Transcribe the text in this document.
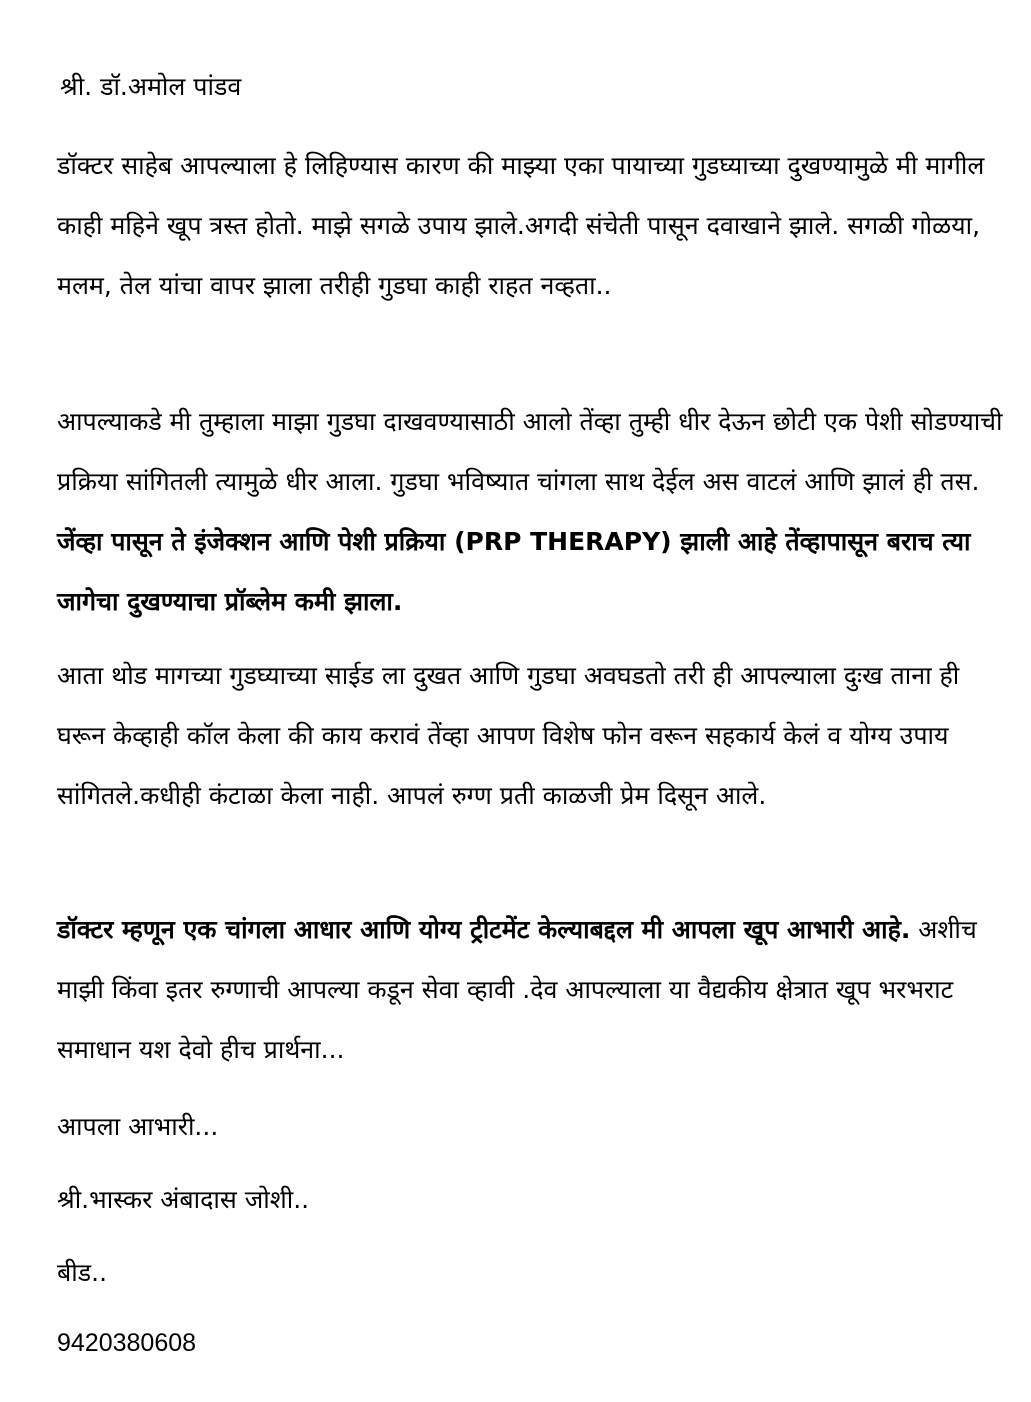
श्री. डॉ.अमोल पांडव

डॉक्टर साहेब आपल्याला हे लिहिण्यास कारण की माझ्या एका पायाच्या गुडघ्याच्या दुखण्यामुळे मी मागील काही महिने खूप त्रस्त होतो. माझे सगळे उपाय झाले.अगदी संचेती पासून दवाखाने झाले. सगळी गोळया, मलम, तेल यांचा वापर झाला तरीही गुडघा काही राहत नव्हता..

आपल्याकडे मी तुम्हाला माझा गुडघा दाखवण्यासाठी आलो तेंव्हा तुम्ही धीर देऊन छोटी एक पेशी सोडण्याची प्रक्रिया सांगितली त्यामुळे धीर आला. गुडघा भविष्यात चांगला साथ देईल अस वाटलं आणि झालं ही तस. जेंव्हा पासून ते इंजेक्शन आणि पेशी प्रक्रिया (PRP THERAPY) झाली आहे तेंव्हापासून बराच त्या जागेचा दुखण्याचा प्रॉब्लेम कमी झाला.

आता थोड मागच्या गुडघ्याच्या साईड ला दुखत आणि गुडघा अवघडतो तरी ही आपल्याला दुःख ताना ही घरून केव्हाही कॉल केला की काय करावं तेंव्हा आपण विशेष फोन वरून सहकार्य केलं व योग्य उपाय सांगितले.कधीही कंटाळा केला नाही. आपलं रुग्ण प्रती काळजी प्रेम दिसून आले.

डॉक्टर म्हणून एक चांगला आधार आणि योग्य ट्रीटमेंट केल्याबद्दल मी आपला खूप आभारी आहे. अशीच माझी किंवा इतर रुग्णाची आपल्या कडून सेवा व्हावी .देव आपल्याला या वैद्यकीय क्षेत्रात खूप भरभराट समाधान यश देवो हीच प्रार्थना...

आपला आभारी...
श्री.भास्कर अंबादास जोशी..
बीड..
9420380608
